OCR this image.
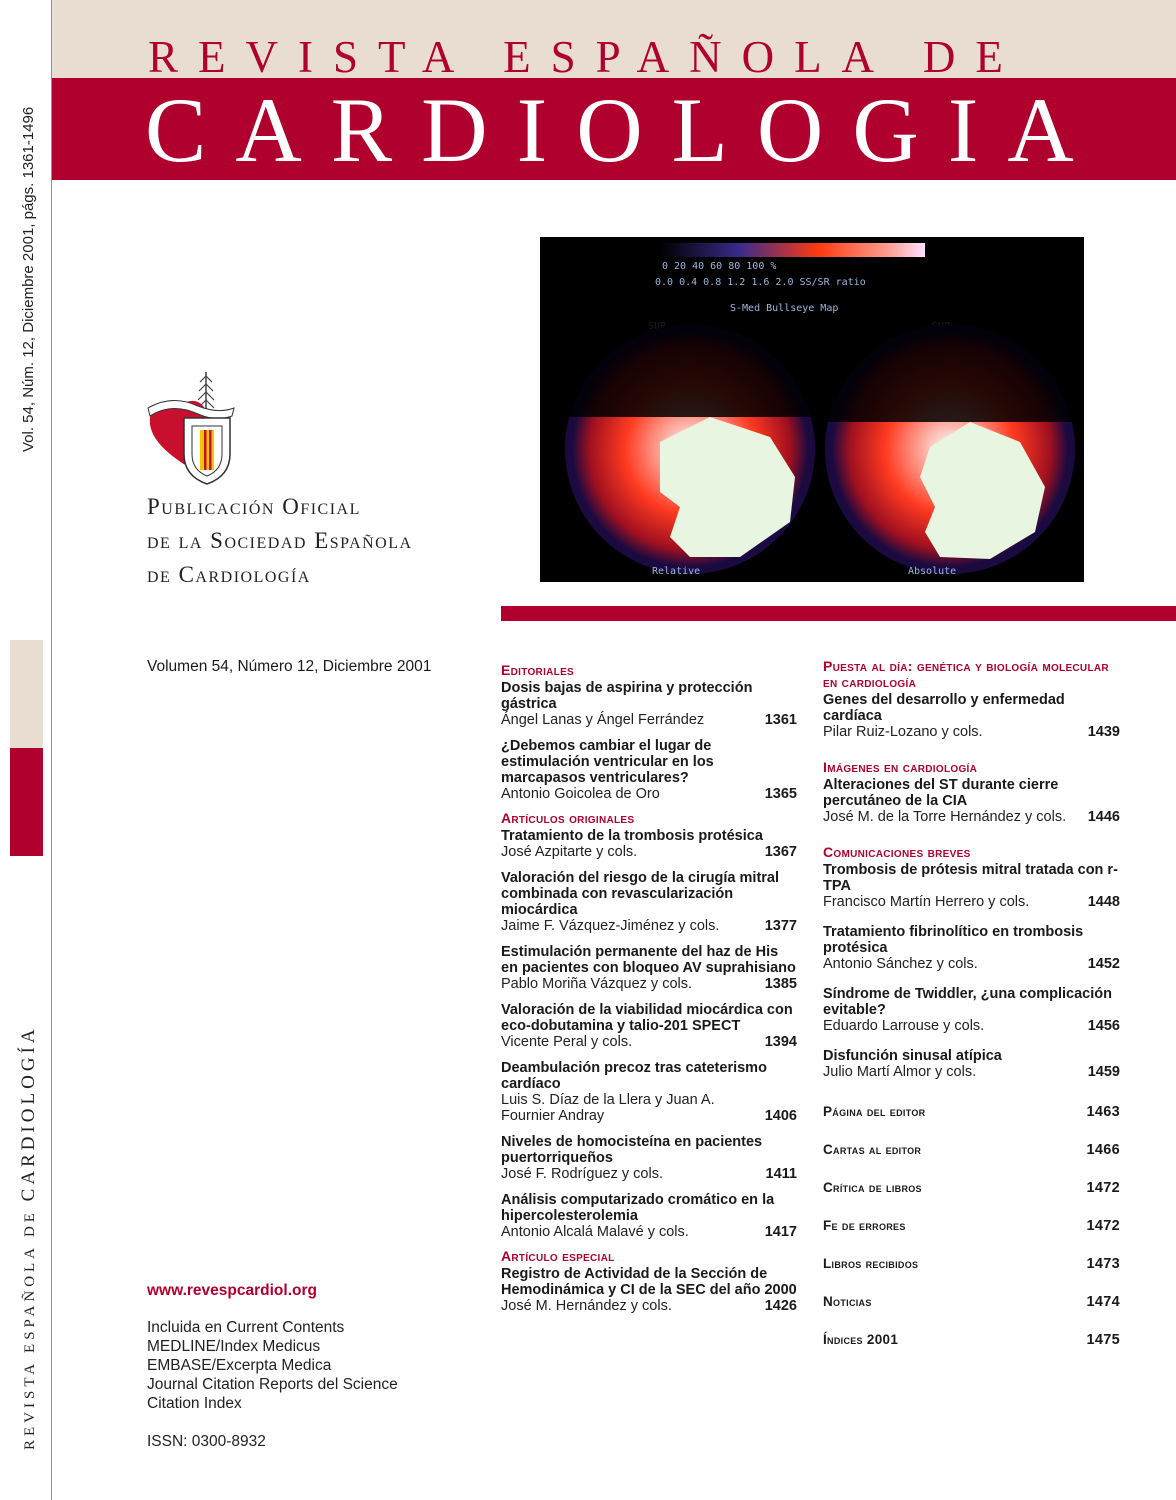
REVISTA ESPAÑOLA DE
CARDIOLOGIA
Vol. 54, Núm. 12, Diciembre 2001, págs. 1361-1496
REVISTA ESPAÑOLA DE CARDIOLOGÍA
Publicación Oficial
de la Sociedad Española
de Cardiología
0 20 40 60 80 100 %
0.0 0.4 0.8 1.2 1.6 2.0 SS/SR ratio
S-Med Bullseye Map
Relative	Absolute
Volumen 54, Número 12, Diciembre 2001
www.revespcardiol.org
Incluida en Current Contents
MEDLINE/Index Medicus
EMBASE/Excerpta Medica
Journal Citation Reports del Science
Citation Index
ISSN: 0300-8932
Editoriales
Dosis bajas de aspirina y protección gástrica
Ángel Lanas y Ángel Ferrández	1361
¿Debemos cambiar el lugar de estimulación ventricular en los marcapasos ventriculares?
Antonio Goicolea de Oro	1365
Artículos originales
Tratamiento de la trombosis protésica
José Azpitarte y cols.	1367
Valoración del riesgo de la cirugía mitral combinada con revascularización miocárdica
Jaime F. Vázquez-Jiménez y cols.	1377
Estimulación permanente del haz de His en pacientes con bloqueo AV suprahisiano
Pablo Moriña Vázquez y cols.	1385
Valoración de la viabilidad miocárdica con eco-dobutamina y talio-201 SPECT
Vicente Peral y cols.	1394
Deambulación precoz tras cateterismo cardíaco
Luis S. Díaz de la Llera y Juan A. Fournier Andray	1406
Niveles de homocisteína en pacientes puertorriqueños
José F. Rodríguez y cols.	1411
Análisis computarizado cromático en la hipercolesterolemia
Antonio Alcalá Malavé y cols.	1417
Artículo especial
Registro de Actividad de la Sección de Hemodinámica y CI de la SEC del año 2000
José M. Hernández y cols.	1426
Puesta al día: genética y biología molecular en cardiología
Genes del desarrollo y enfermedad cardíaca
Pilar Ruiz-Lozano y cols.	1439
Imágenes en cardiología
Alteraciones del ST durante cierre percutáneo de la CIA
José M. de la Torre Hernández y cols.	1446
Comunicaciones breves
Trombosis de prótesis mitral tratada con r-TPA
Francisco Martín Herrero y cols.	1448
Tratamiento fibrinolítico en trombosis protésica
Antonio Sánchez y cols.	1452
Síndrome de Twiddler, ¿una complicación evitable?
Eduardo Larrouse y cols.	1456
Disfunción sinusal atípica
Julio Martí Almor y cols.	1459
Página del editor	1463
Cartas al editor	1466
Crítica de libros	1472
Fe de errores	1472
Libros recibidos	1473
Noticias	1474
Índices 2001	1475
